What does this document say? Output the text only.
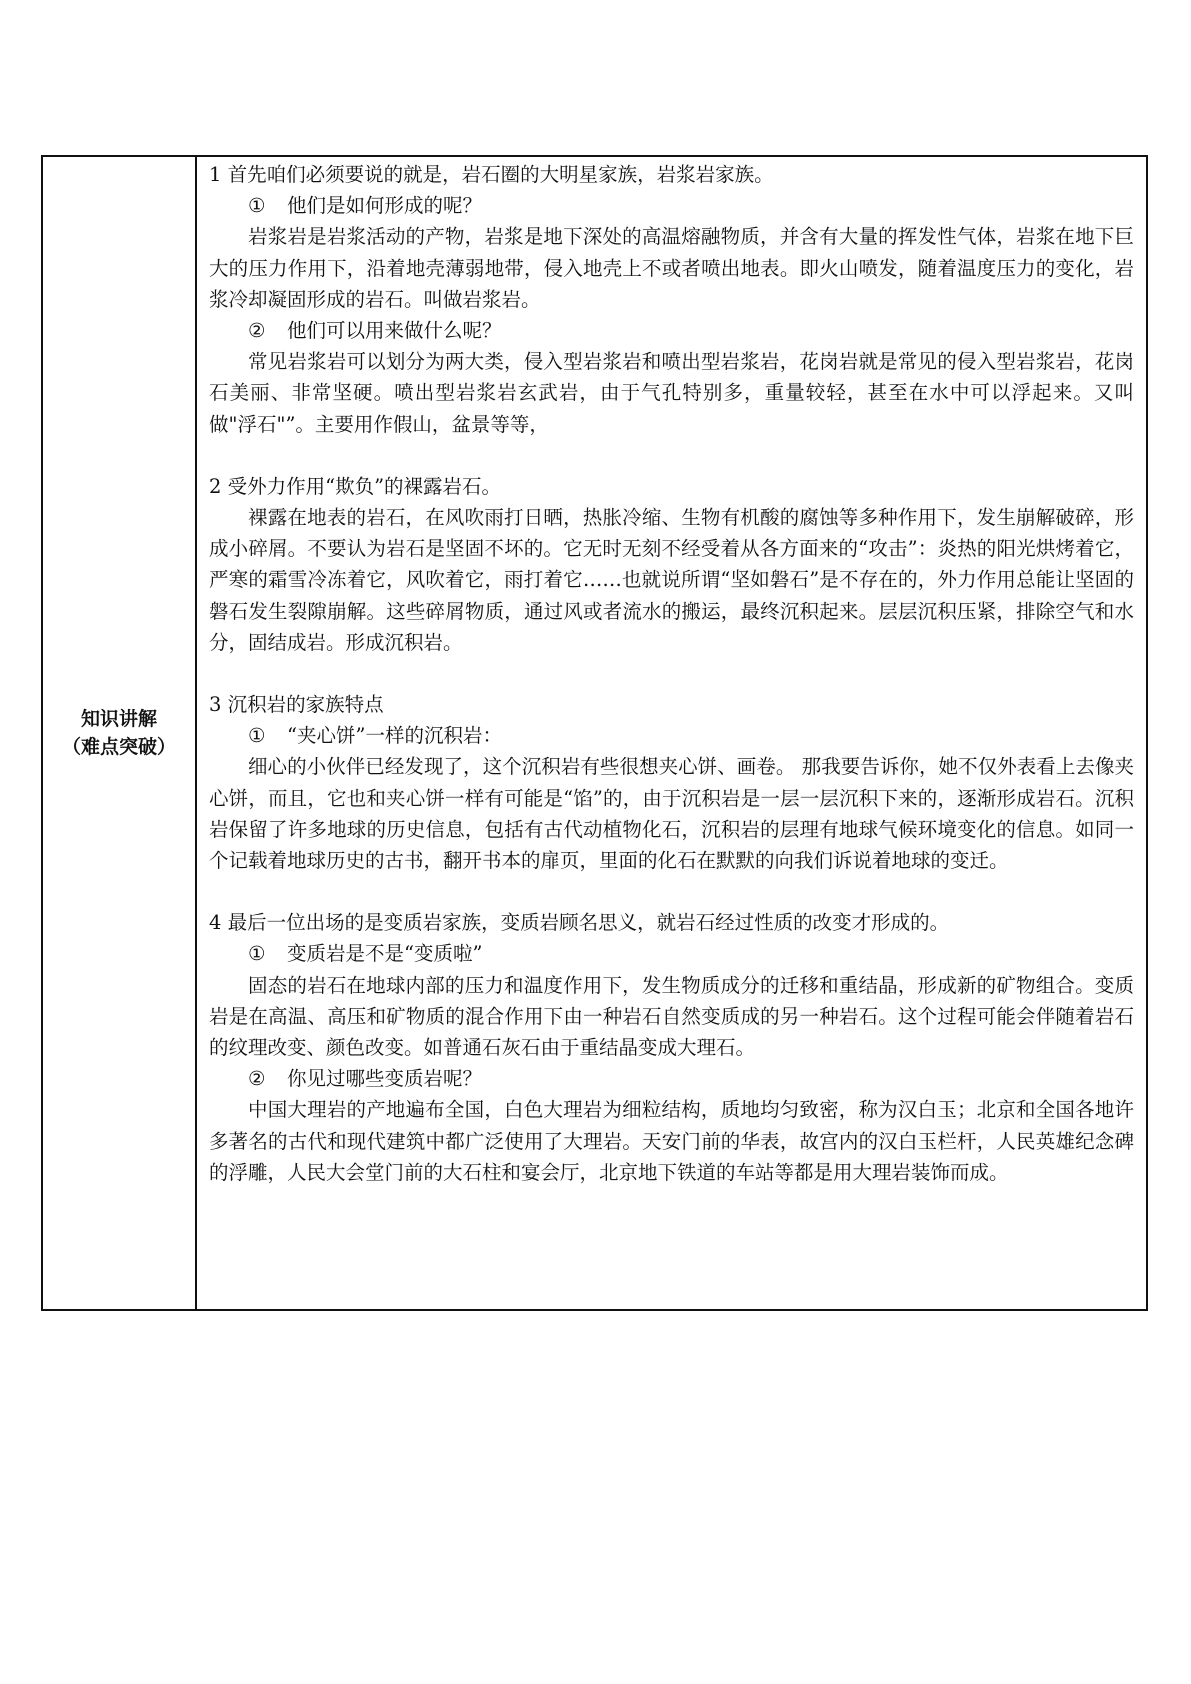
知识讲解
（难点突破）

1 首先咱们必须要说的就是，岩石圈的大明星家族，岩浆岩家族。

① 他们是如何形成的呢？

岩浆岩是岩浆活动的产物，岩浆是地下深处的高温熔融物质，并含有大量的挥发性气体，岩浆在地下巨大的压力作用下，沿着地壳薄弱地带，侵入地壳上不或者喷出地表。即火山喷发，随着温度压力的变化，岩浆冷却凝固形成的岩石。叫做岩浆岩。

② 他们可以用来做什么呢？

常见岩浆岩可以划分为两大类，侵入型岩浆岩和喷出型岩浆岩，花岗岩就是常见的侵入型岩浆岩，花岗石美丽、非常坚硬。喷出型岩浆岩玄武岩，由于气孔特别多，重量较轻，甚至在水中可以浮起来。又叫做"浮石"”。主要用作假山，盆景等等，

2 受外力作用“欺负”的裸露岩石。

裸露在地表的岩石，在风吹雨打日晒，热胀冷缩、生物有机酸的腐蚀等多种作用下，发生崩解破碎，形成小碎屑。不要认为岩石是坚固不坏的。它无时无刻不经受着从各方面来的“攻击”：炎热的阳光烘烤着它，严寒的霜雪冷冻着它，风吹着它，雨打着它……也就说所谓“坚如磐石”是不存在的，外力作用总能让坚固的磐石发生裂隙崩解。这些碎屑物质，通过风或者流水的搬运，最终沉积起来。层层沉积压紧，排除空气和水分，固结成岩。形成沉积岩。

3 沉积岩的家族特点

① “夹心饼”一样的沉积岩：

细心的小伙伴已经发现了，这个沉积岩有些很想夹心饼、画卷。 那我要告诉你，她不仅外表看上去像夹心饼，而且，它也和夹心饼一样有可能是“馅”的，由于沉积岩是一层一层沉积下来的，逐渐形成岩石。沉积岩保留了许多地球的历史信息，包括有古代动植物化石，沉积岩的层理有地球气候环境变化的信息。如同一个记载着地球历史的古书，翻开书本的扉页，里面的化石在默默的向我们诉说着地球的变迁。

4 最后一位出场的是变质岩家族，变质岩顾名思义，就岩石经过性质的改变才形成的。

① 变质岩是不是“变质啦”

固态的岩石在地球内部的压力和温度作用下，发生物质成分的迁移和重结晶，形成新的矿物组合。变质岩是在高温、高压和矿物质的混合作用下由一种岩石自然变质成的另一种岩石。这个过程可能会伴随着岩石的纹理改变、颜色改变。如普通石灰石由于重结晶变成大理石。

② 你见过哪些变质岩呢？

中国大理岩的产地遍布全国，白色大理岩为细粒结构，质地均匀致密，称为汉白玉；北京和全国各地许多著名的古代和现代建筑中都广泛使用了大理岩。天安门前的华表，故宫内的汉白玉栏杆，人民英雄纪念碑的浮雕，人民大会堂门前的大石柱和宴会厅，北京地下铁道的车站等都是用大理岩装饰而成。
